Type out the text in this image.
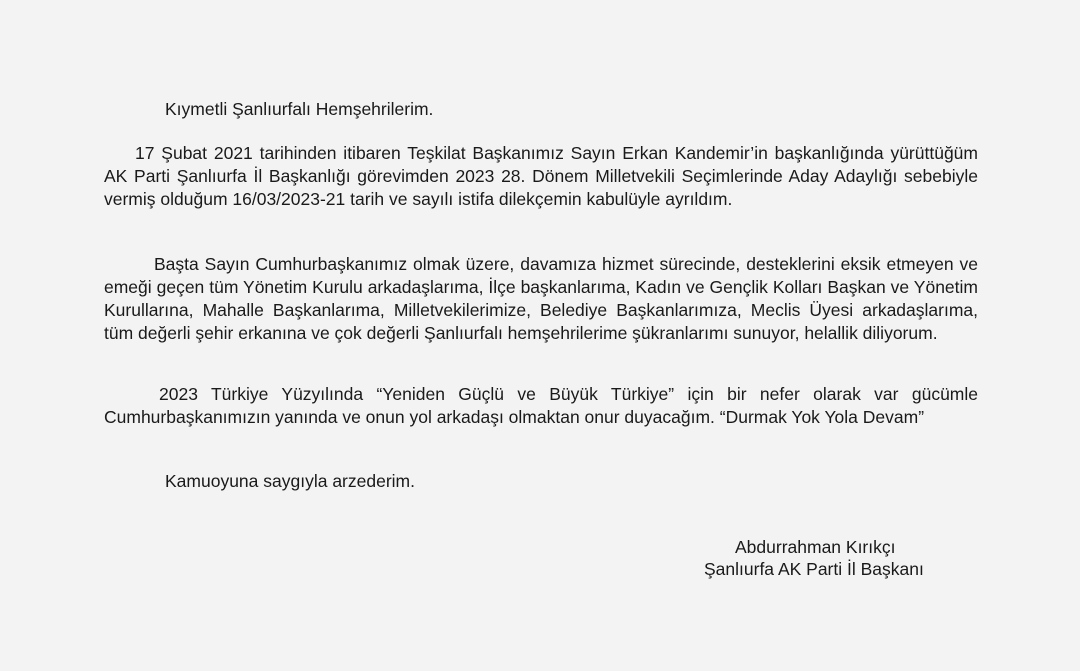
Kıymetli Şanlıurfalı Hemşehrilerim.

17 Şubat 2021 tarihinden itibaren Teşkilat Başkanımız Sayın Erkan Kandemir’in başkanlığında yürüttüğüm AK Parti Şanlıurfa İl Başkanlığı görevimden 2023 28. Dönem Milletvekili Seçimlerinde Aday Adaylığı sebebiyle vermiş olduğum 16/03/2023-21 tarih ve sayılı istifa dilekçemin kabulüyle ayrıldım.

Başta Sayın Cumhurbaşkanımız olmak üzere, davamıza hizmet sürecinde, desteklerini eksik etmeyen ve emeği geçen tüm Yönetim Kurulu arkadaşlarıma, İlçe başkanlarıma, Kadın ve Gençlik Kolları Başkan ve Yönetim Kurullarına, Mahalle Başkanlarıma, Milletvekilerimize, Belediye Başkanlarımıza, Meclis Üyesi arkadaşlarıma, tüm değerli şehir erkanına ve çok değerli Şanlıurfalı hemşehrilerime şükranlarımı sunuyor, helallik diliyorum.

2023 Türkiye Yüzyılında “Yeniden Güçlü ve Büyük Türkiye” için bir nefer olarak var gücümle Cumhurbaşkanımızın yanında ve onun yol arkadaşı olmaktan onur duyacağım. “Durmak Yok Yola Devam”

Kamuoyuna saygıyla arzederim.
Abdurrahman Kırıkçı
Şanlıurfa AK Parti İl Başkanı
